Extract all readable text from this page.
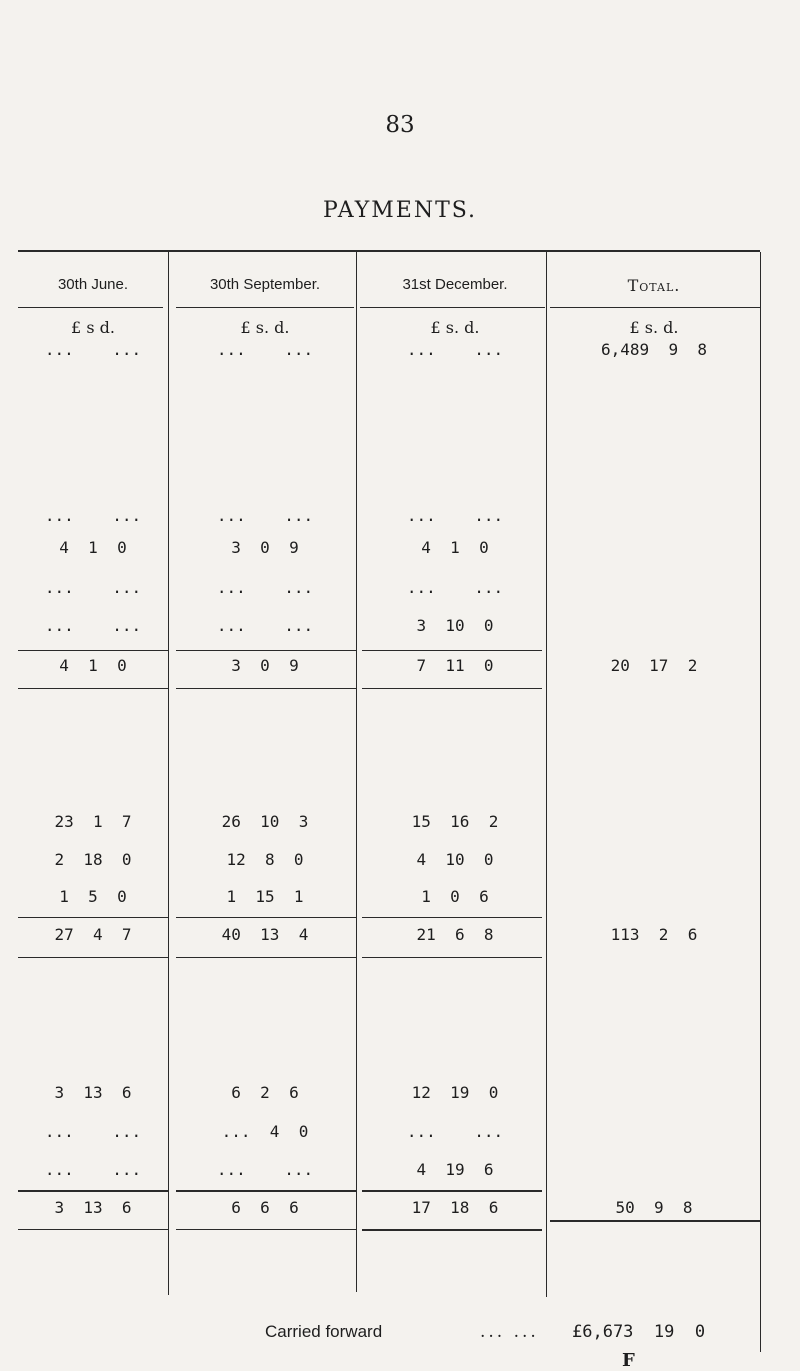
83
PAYMENTS.
30th June.	30th September.	31st December.	Total.
£ s d.	£ s. d.	£ s. d.	£ s. d.
...    ...	...    ...	...    ...	6,489  9  8
...    ...	...    ...	...    ...
4  1  0	3  0  9	4  1  0
...    ...	...    ...	...    ...
...    ...	...    ...	3  10  0
4  1  0	3  0  9	7  11  0	20  17  2
23  1  7	26  10  3	15  16  2
2  18  0	12  8  0	4  10  0
1  5  0	1  15  1	1  0  6
27  4  7	40  13  4	21  6  8	113  2  6
3  13  6	6  2  6	12  19  0
...    ...	...  4  0	...    ...
...    ...	...    ...	4  19  6
3  13  6	6  6  6	17  18  6	50  9  8
Carried forward	... ... £6,673  19  0
F
